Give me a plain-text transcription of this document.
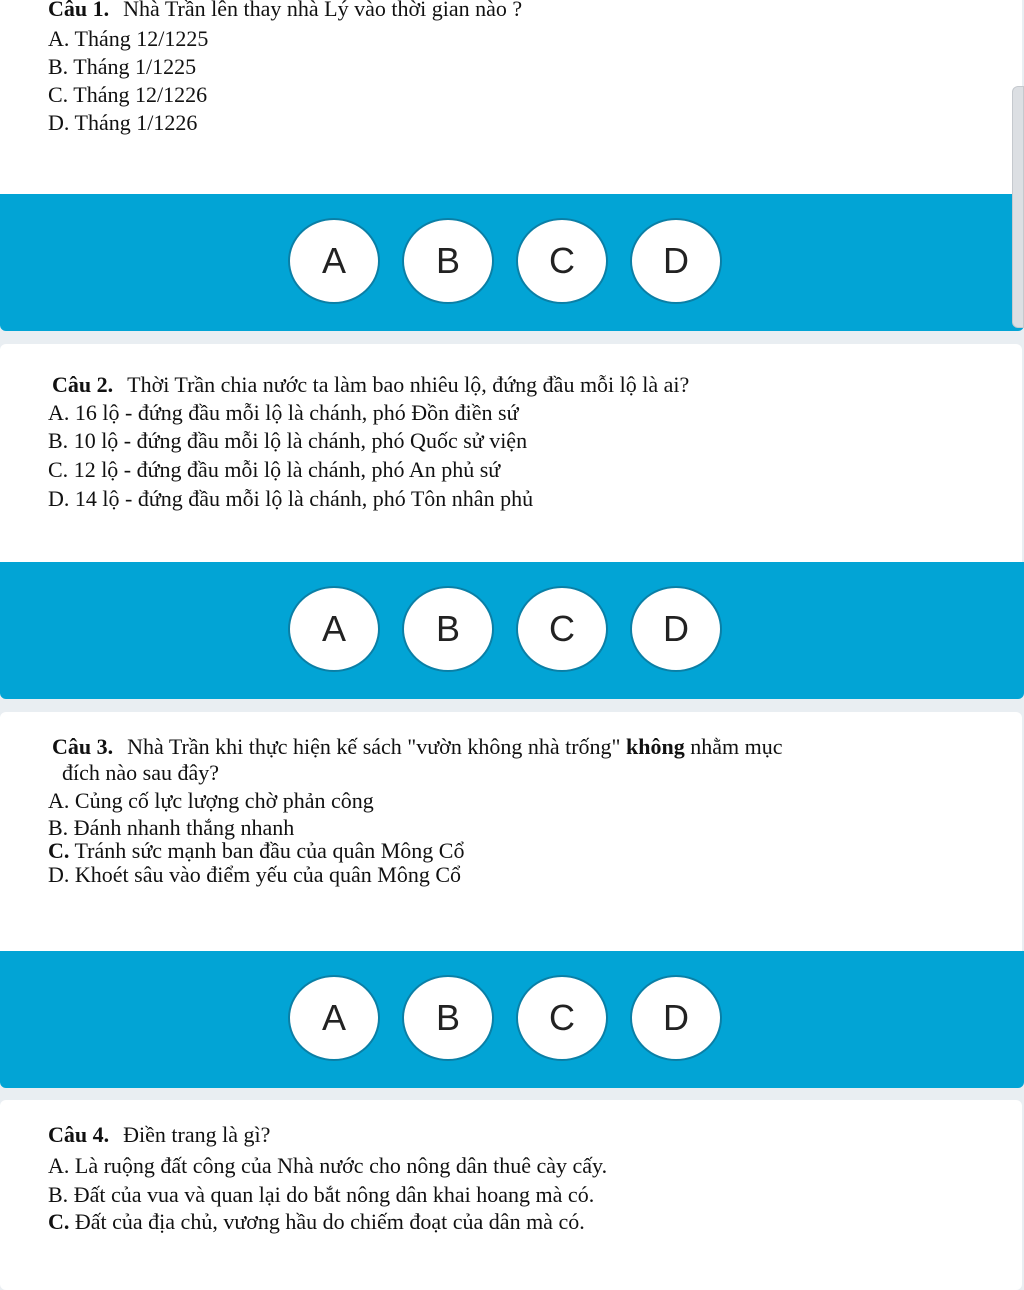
Câu 1. Nhà Trần lên thay nhà Lý vào thời gian nào ?
A. Tháng 12/1225
B. Tháng 1/1225
C. Tháng 12/1226
D. Tháng 1/1226
A	B	C	D
Câu 2. Thời Trần chia nước ta làm bao nhiêu lộ, đứng đầu mỗi lộ là ai?
A. 16 lộ - đứng đầu mỗi lộ là chánh, phó Đồn điền sứ
B. 10 lộ - đứng đầu mỗi lộ là chánh, phó Quốc sử viện
C. 12 lộ - đứng đầu mỗi lộ là chánh, phó An phủ sứ
D. 14 lộ - đứng đầu mỗi lộ là chánh, phó Tôn nhân phủ
A	B	C	D
Câu 3. Nhà Trần khi thực hiện kế sách "vườn không nhà trống" không nhằm mục
đích nào sau đây?
A. Củng cố lực lượng chờ phản công
B. Đánh nhanh thắng nhanh
C. Tránh sức mạnh ban đầu của quân Mông Cổ
D. Khoét sâu vào điểm yếu của quân Mông Cổ
A	B	C	D
Câu 4. Điền trang là gì?
A. Là ruộng đất công của Nhà nước cho nông dân thuê cày cấy.
B. Đất của vua và quan lại do bắt nông dân khai hoang mà có.
C. Đất của địa chủ, vương hầu do chiếm đoạt của dân mà có.
